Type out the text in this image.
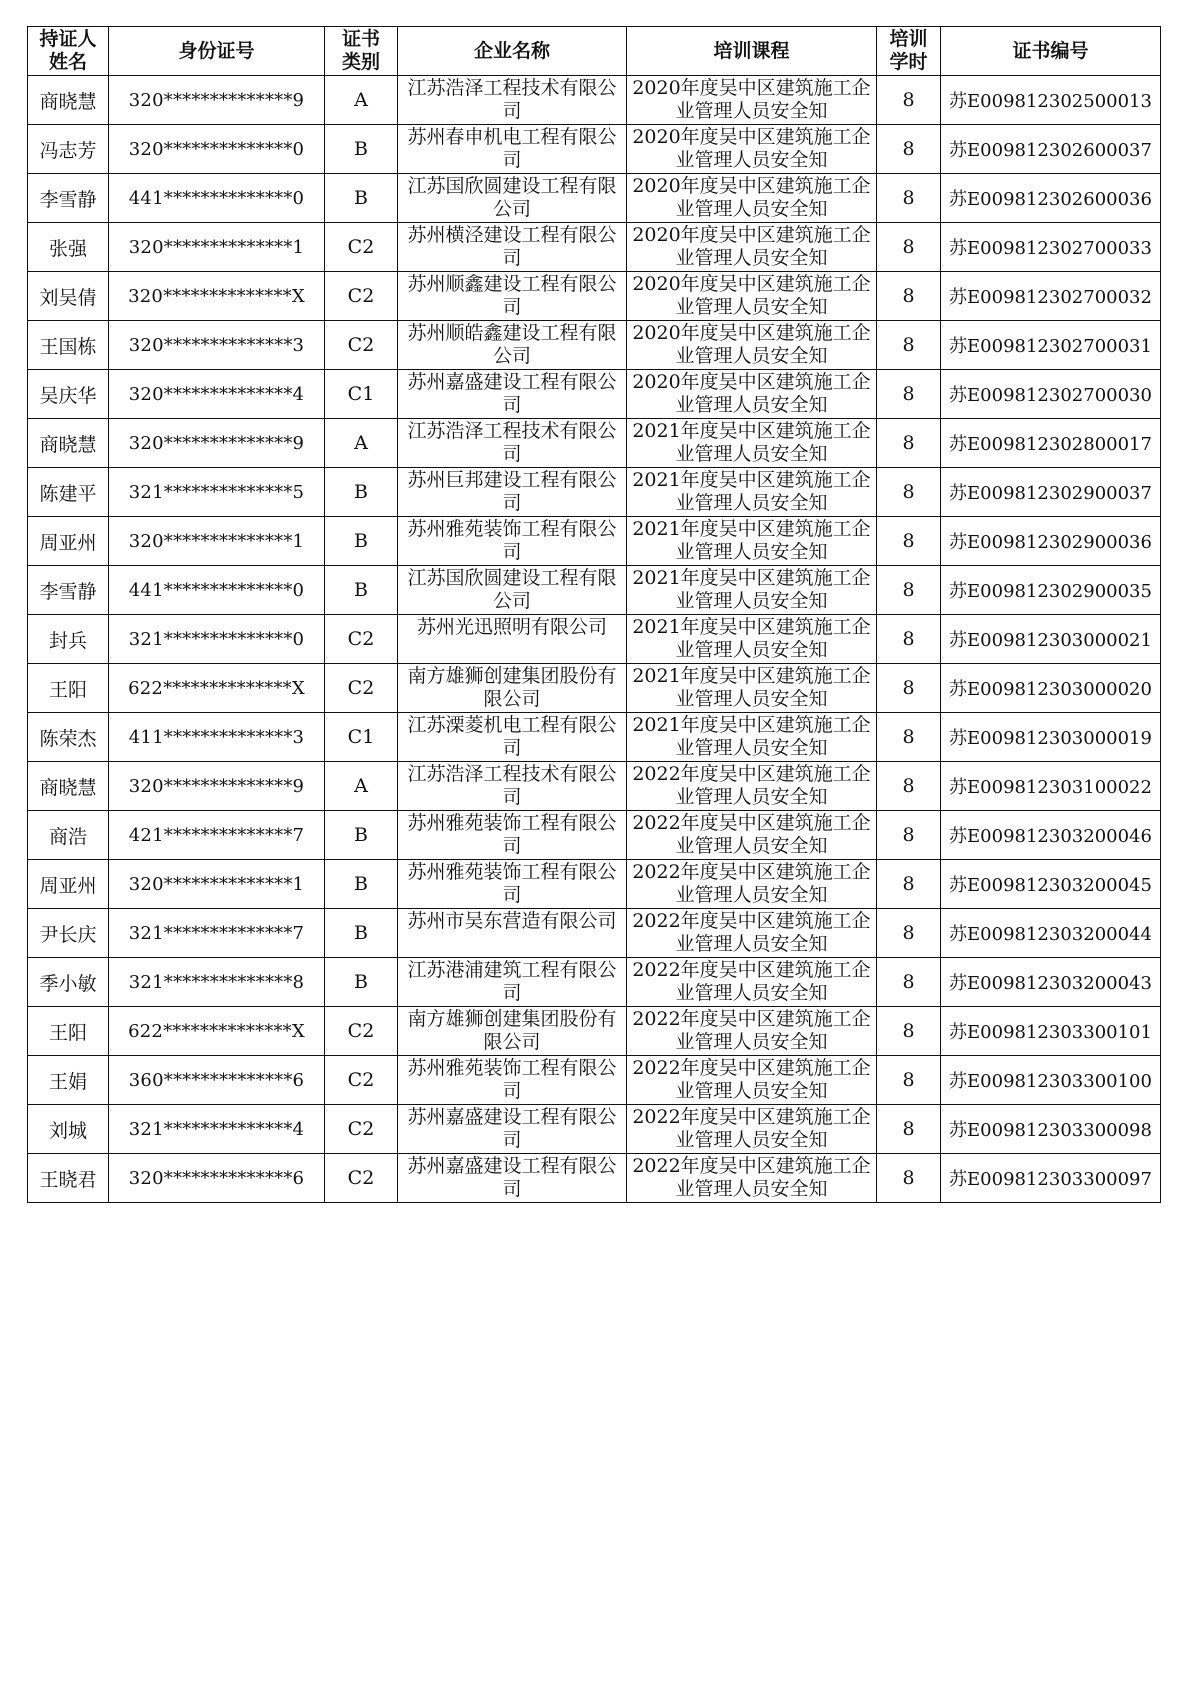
持证人姓名	身份证号	证书类别	企业名称	培训课程	培训学时	证书编号
商晓慧	320**************9	A	江苏浩泽工程技术有限公司	2020年度吴中区建筑施工企业管理人员安全知	8	苏E009812302500013
冯志芳	320**************0	B	苏州春申机电工程有限公司	2020年度吴中区建筑施工企业管理人员安全知	8	苏E009812302600037
李雪静	441**************0	B	江苏国欣圆建设工程有限公司	2020年度吴中区建筑施工企业管理人员安全知	8	苏E009812302600036
张强	320**************1	C2	苏州横泾建设工程有限公司	2020年度吴中区建筑施工企业管理人员安全知	8	苏E009812302700033
刘吴倩	320**************X	C2	苏州顺鑫建设工程有限公司	2020年度吴中区建筑施工企业管理人员安全知	8	苏E009812302700032
王国栋	320**************3	C2	苏州顺皓鑫建设工程有限公司	2020年度吴中区建筑施工企业管理人员安全知	8	苏E009812302700031
吴庆华	320**************4	C1	苏州嘉盛建设工程有限公司	2020年度吴中区建筑施工企业管理人员安全知	8	苏E009812302700030
商晓慧	320**************9	A	江苏浩泽工程技术有限公司	2021年度吴中区建筑施工企业管理人员安全知	8	苏E009812302800017
陈建平	321**************5	B	苏州巨邦建设工程有限公司	2021年度吴中区建筑施工企业管理人员安全知	8	苏E009812302900037
周亚州	320**************1	B	苏州雅苑装饰工程有限公司	2021年度吴中区建筑施工企业管理人员安全知	8	苏E009812302900036
李雪静	441**************0	B	江苏国欣圆建设工程有限公司	2021年度吴中区建筑施工企业管理人员安全知	8	苏E009812302900035
封兵	321**************0	C2	苏州光迅照明有限公司	2021年度吴中区建筑施工企业管理人员安全知	8	苏E009812303000021
王阳	622**************X	C2	南方雄狮创建集团股份有限公司	2021年度吴中区建筑施工企业管理人员安全知	8	苏E009812303000020
陈荣杰	411**************3	C1	江苏溧菱机电工程有限公司	2021年度吴中区建筑施工企业管理人员安全知	8	苏E009812303000019
商晓慧	320**************9	A	江苏浩泽工程技术有限公司	2022年度吴中区建筑施工企业管理人员安全知	8	苏E009812303100022
商浩	421**************7	B	苏州雅苑装饰工程有限公司	2022年度吴中区建筑施工企业管理人员安全知	8	苏E009812303200046
周亚州	320**************1	B	苏州雅苑装饰工程有限公司	2022年度吴中区建筑施工企业管理人员安全知	8	苏E009812303200045
尹长庆	321**************7	B	苏州市吴东营造有限公司	2022年度吴中区建筑施工企业管理人员安全知	8	苏E009812303200044
季小敏	321**************8	B	江苏港浦建筑工程有限公司	2022年度吴中区建筑施工企业管理人员安全知	8	苏E009812303200043
王阳	622**************X	C2	南方雄狮创建集团股份有限公司	2022年度吴中区建筑施工企业管理人员安全知	8	苏E009812303300101
王娟	360**************6	C2	苏州雅苑装饰工程有限公司	2022年度吴中区建筑施工企业管理人员安全知	8	苏E009812303300100
刘城	321**************4	C2	苏州嘉盛建设工程有限公司	2022年度吴中区建筑施工企业管理人员安全知	8	苏E009812303300098
王晓君	320**************6	C2	苏州嘉盛建设工程有限公司	2022年度吴中区建筑施工企业管理人员安全知	8	苏E009812303300097
